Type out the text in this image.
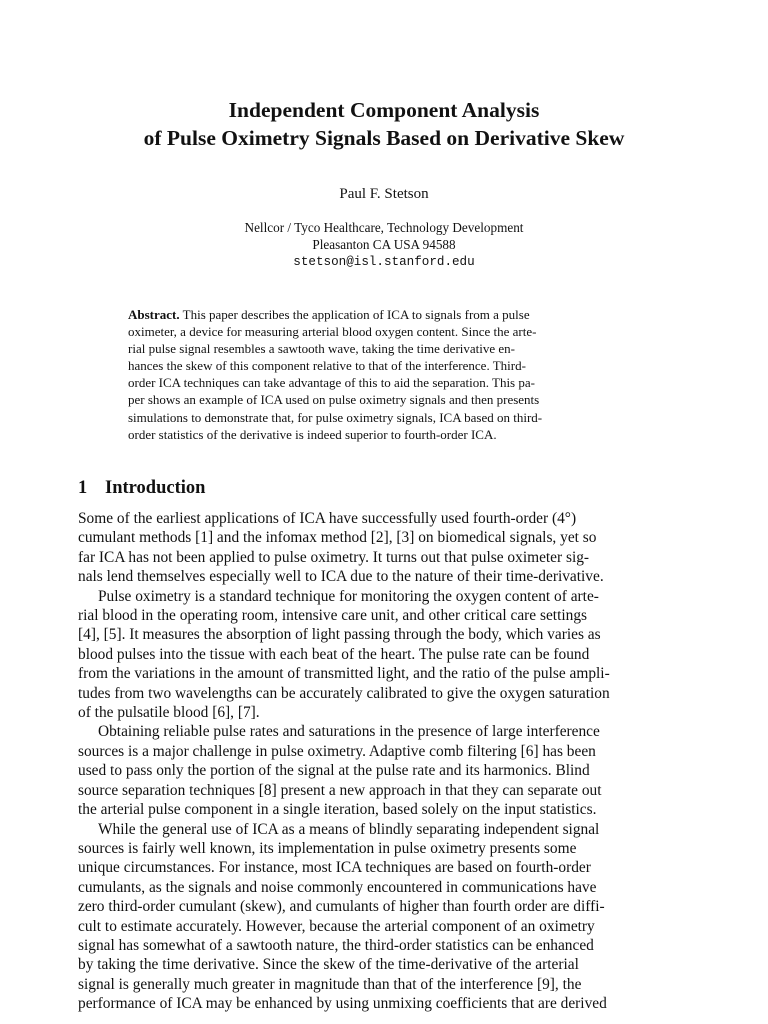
Independent Component Analysis
of Pulse Oximetry Signals Based on Derivative Skew
Paul F. Stetson
Nellcor / Tyco Healthcare, Technology Development
Pleasanton CA USA 94588
stetson@isl.stanford.edu
Abstract. This paper describes the application of ICA to signals from a pulse
oximeter, a device for measuring arterial blood oxygen content. Since the arte-
rial pulse signal resembles a sawtooth wave, taking the time derivative en-
hances the skew of this component relative to that of the interference. Third-
order ICA techniques can take advantage of this to aid the separation. This pa-
per shows an example of ICA used on pulse oximetry signals and then presents
simulations to demonstrate that, for pulse oximetry signals, ICA based on third-
order statistics of the derivative is indeed superior to fourth-order ICA.
1 Introduction
Some of the earliest applications of ICA have successfully used fourth-order (4°)
cumulant methods [1] and the infomax method [2], [3] on biomedical signals, yet so
far ICA has not been applied to pulse oximetry. It turns out that pulse oximeter sig-
nals lend themselves especially well to ICA due to the nature of their time-derivative.
Pulse oximetry is a standard technique for monitoring the oxygen content of arte-
rial blood in the operating room, intensive care unit, and other critical care settings
[4], [5]. It measures the absorption of light passing through the body, which varies as
blood pulses into the tissue with each beat of the heart. The pulse rate can be found
from the variations in the amount of transmitted light, and the ratio of the pulse ampli-
tudes from two wavelengths can be accurately calibrated to give the oxygen saturation
of the pulsatile blood [6], [7].
Obtaining reliable pulse rates and saturations in the presence of large interference
sources is a major challenge in pulse oximetry. Adaptive comb filtering [6] has been
used to pass only the portion of the signal at the pulse rate and its harmonics. Blind
source separation techniques [8] present a new approach in that they can separate out
the arterial pulse component in a single iteration, based solely on the input statistics.
While the general use of ICA as a means of blindly separating independent signal
sources is fairly well known, its implementation in pulse oximetry presents some
unique circumstances. For instance, most ICA techniques are based on fourth-order
cumulants, as the signals and noise commonly encountered in communications have
zero third-order cumulant (skew), and cumulants of higher than fourth order are diffi-
cult to estimate accurately. However, because the arterial component of an oximetry
signal has somewhat of a sawtooth nature, the third-order statistics can be enhanced
by taking the time derivative. Since the skew of the time-derivative of the arterial
signal is generally much greater in magnitude than that of the interference [9], the
performance of ICA may be enhanced by using unmixing coefficients that are derived
